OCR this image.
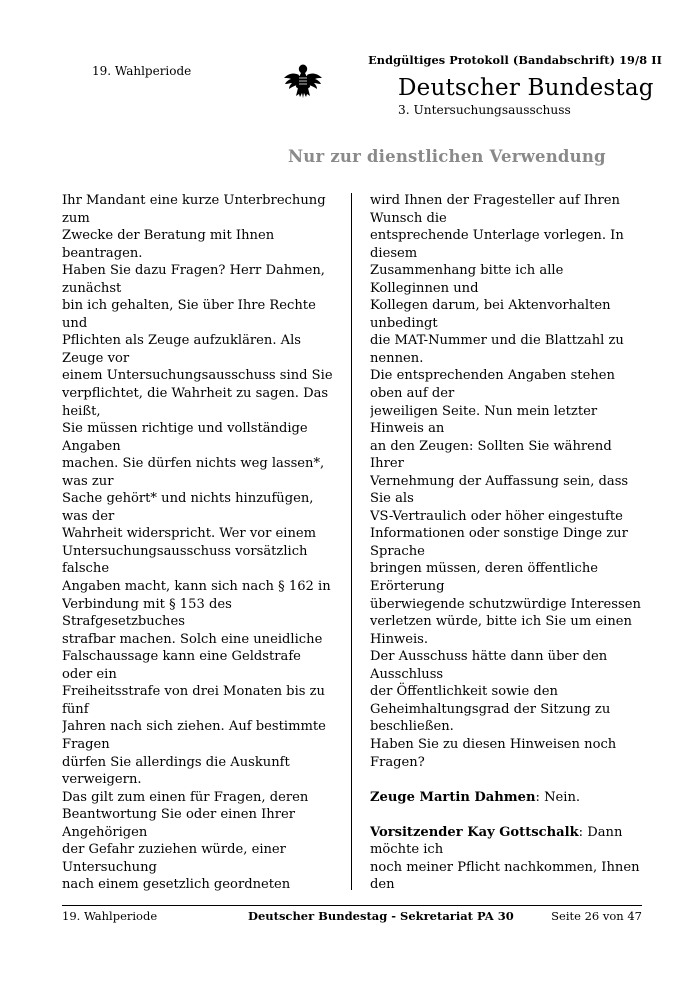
Endgültiges Protokoll (Bandabschrift) 19/8 II
19. Wahlperiode
Deutscher Bundestag
3. Untersuchungsausschuss
Nur zur dienstlichen Verwendung

Ihr Mandant eine kurze Unterbrechung zum
Zwecke der Beratung mit Ihnen beantragen.
Haben Sie dazu Fragen? Herr Dahmen, zunächst
bin ich gehalten, Sie über Ihre Rechte und
Pflichten als Zeuge aufzuklären. Als Zeuge vor
einem Untersuchungsausschuss sind Sie
verpflichtet, die Wahrheit zu sagen. Das heißt,
Sie müssen richtige und vollständige Angaben
machen. Sie dürfen nichts weg lassen*, was zur
Sache gehört* und nichts hinzufügen, was der
Wahrheit widerspricht. Wer vor einem
Untersuchungsausschuss vorsätzlich falsche
Angaben macht, kann sich nach § 162 in
Verbindung mit § 153 des Strafgesetzbuches
strafbar machen. Solch eine uneidliche
Falschaussage kann eine Geldstrafe oder ein
Freiheitsstrafe von drei Monaten bis zu fünf
Jahren nach sich ziehen. Auf bestimmte Fragen
dürfen Sie allerdings die Auskunft verweigern.
Das gilt zum einen für Fragen, deren
Beantwortung Sie oder einen Ihrer Angehörigen
der Gefahr zuziehen würde, einer Untersuchung
nach einem gesetzlich geordneten

wird Ihnen der Fragesteller auf Ihren Wunsch die
entsprechende Unterlage vorlegen. In diesem
Zusammenhang bitte ich alle Kolleginnen und
Kollegen darum, bei Aktenvorhalten unbedingt
die MAT-Nummer und die Blattzahl zu nennen.
Die entsprechenden Angaben stehen oben auf der
jeweiligen Seite. Nun mein letzter Hinweis an
an den Zeugen: Sollten Sie während Ihrer
Vernehmung der Auffassung sein, dass Sie als
VS-Vertraulich oder höher eingestufte
Informationen oder sonstige Dinge zur Sprache
bringen müssen, deren öffentliche Erörterung
überwiegende schutzwürdige Interessen
verletzen würde, bitte ich Sie um einen Hinweis.
Der Ausschuss hätte dann über den Ausschluss
der Öffentlichkeit sowie den
Geheimhaltungsgrad der Sitzung zu beschließen.
Haben Sie zu diesen Hinweisen noch Fragen?

Zeuge Martin Dahmen: Nein.

Vorsitzender Kay Gottschalk: Dann möchte ich
noch meiner Pflicht nachkommen, Ihnen den

19. Wahlperiode	Deutscher Bundestag - Sekretariat PA 30	Seite 26 von 47
